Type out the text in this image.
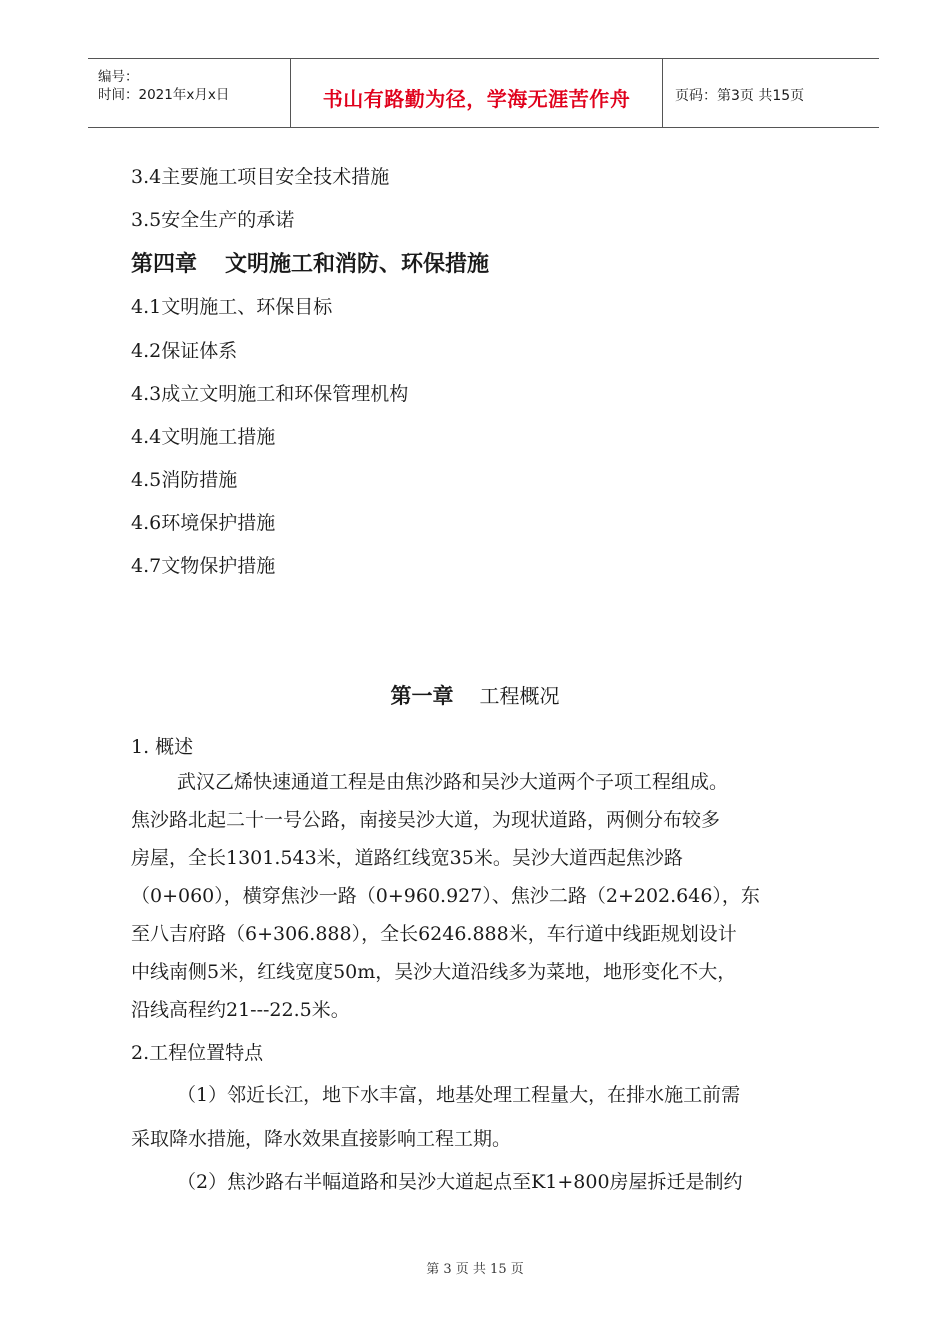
编号：
时间：2021年x月x日	书山有路勤为径，学海无涯苦作舟	页码：第3页 共15页
3.4主要施工项目安全技术措施
3.5安全生产的承诺
第四章 文明施工和消防、环保措施
4.1文明施工、环保目标
4.2保证体系
4.3成立文明施工和环保管理机构
4.4文明施工措施
4.5消防措施
4.6环境保护措施
4.7文物保护措施
第一章 工程概况
1. 概述
武汉乙烯快速通道工程是由焦沙路和吴沙大道两个子项工程组成。
焦沙路北起二十一号公路，南接吴沙大道，为现状道路，两侧分布较多
房屋，全长1301.543米，道路红线宽35米。吴沙大道西起焦沙路
（0+060），横穿焦沙一路（0+960.927）、焦沙二路（2+202.646），东
至八吉府路（6+306.888），全长6246.888米，车行道中线距规划设计
中线南侧5米，红线宽度50m，吴沙大道沿线多为菜地，地形变化不大，
沿线高程约21---22.5米。
2.工程位置特点
（1）邻近长江，地下水丰富，地基处理工程量大，在排水施工前需
采取降水措施，降水效果直接影响工程工期。
（2）焦沙路右半幅道路和吴沙大道起点至K1+800房屋拆迁是制约
第 3 页 共 15 页
